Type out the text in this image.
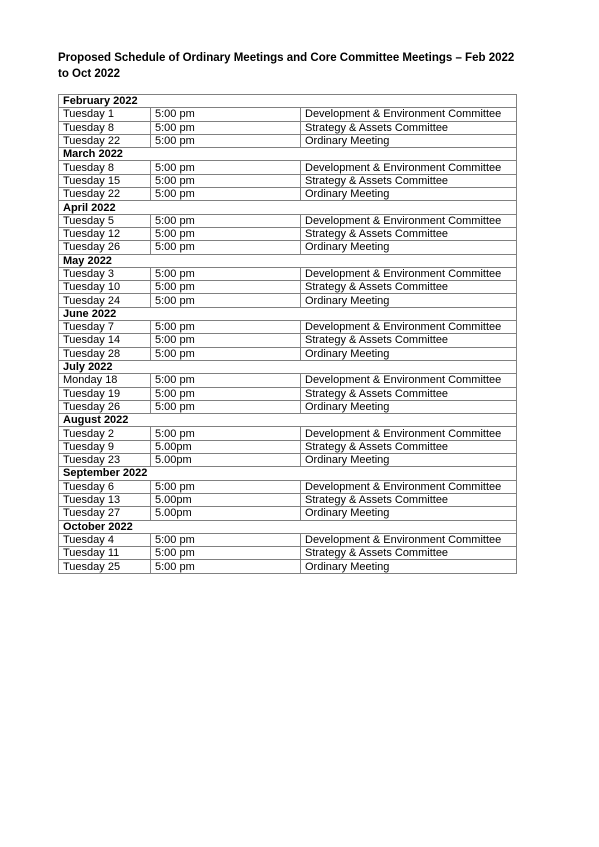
Proposed Schedule of Ordinary Meetings and Core Committee Meetings – Feb 2022 to Oct 2022
February 2022		
Tuesday 1	5:00 pm	Development & Environment Committee
Tuesday 8	5:00 pm	Strategy & Assets Committee
Tuesday 22	5:00 pm	Ordinary Meeting
March 2022		
Tuesday 8	5:00 pm	Development & Environment Committee
Tuesday 15	5:00 pm	Strategy & Assets Committee
Tuesday 22	5:00 pm	Ordinary Meeting
April 2022		
Tuesday 5	5:00 pm	Development & Environment Committee
Tuesday 12	5:00 pm	Strategy & Assets Committee
Tuesday 26	5:00 pm	Ordinary Meeting
May 2022		
Tuesday 3	5:00 pm	Development & Environment Committee
Tuesday 10	5:00 pm	Strategy & Assets Committee
Tuesday 24	5:00 pm	Ordinary Meeting
June 2022		
Tuesday 7	5:00 pm	Development & Environment Committee
Tuesday 14	5:00 pm	Strategy & Assets Committee
Tuesday 28	5:00 pm	Ordinary Meeting
July 2022		
Monday 18	5:00 pm	Development & Environment Committee
Tuesday 19	5:00 pm	Strategy & Assets Committee
Tuesday 26	5:00 pm	Ordinary Meeting
August 2022		
Tuesday 2	5:00 pm	Development & Environment Committee
Tuesday 9	5.00pm	Strategy & Assets Committee
Tuesday 23	5.00pm	Ordinary Meeting
September 2022		
Tuesday 6	5:00 pm	Development & Environment Committee
Tuesday 13	5.00pm	Strategy & Assets Committee
Tuesday 27	5.00pm	Ordinary Meeting
October 2022		
Tuesday 4	5:00 pm	Development & Environment Committee
Tuesday 11	5:00 pm	Strategy & Assets Committee
Tuesday 25	5:00 pm	Ordinary Meeting
